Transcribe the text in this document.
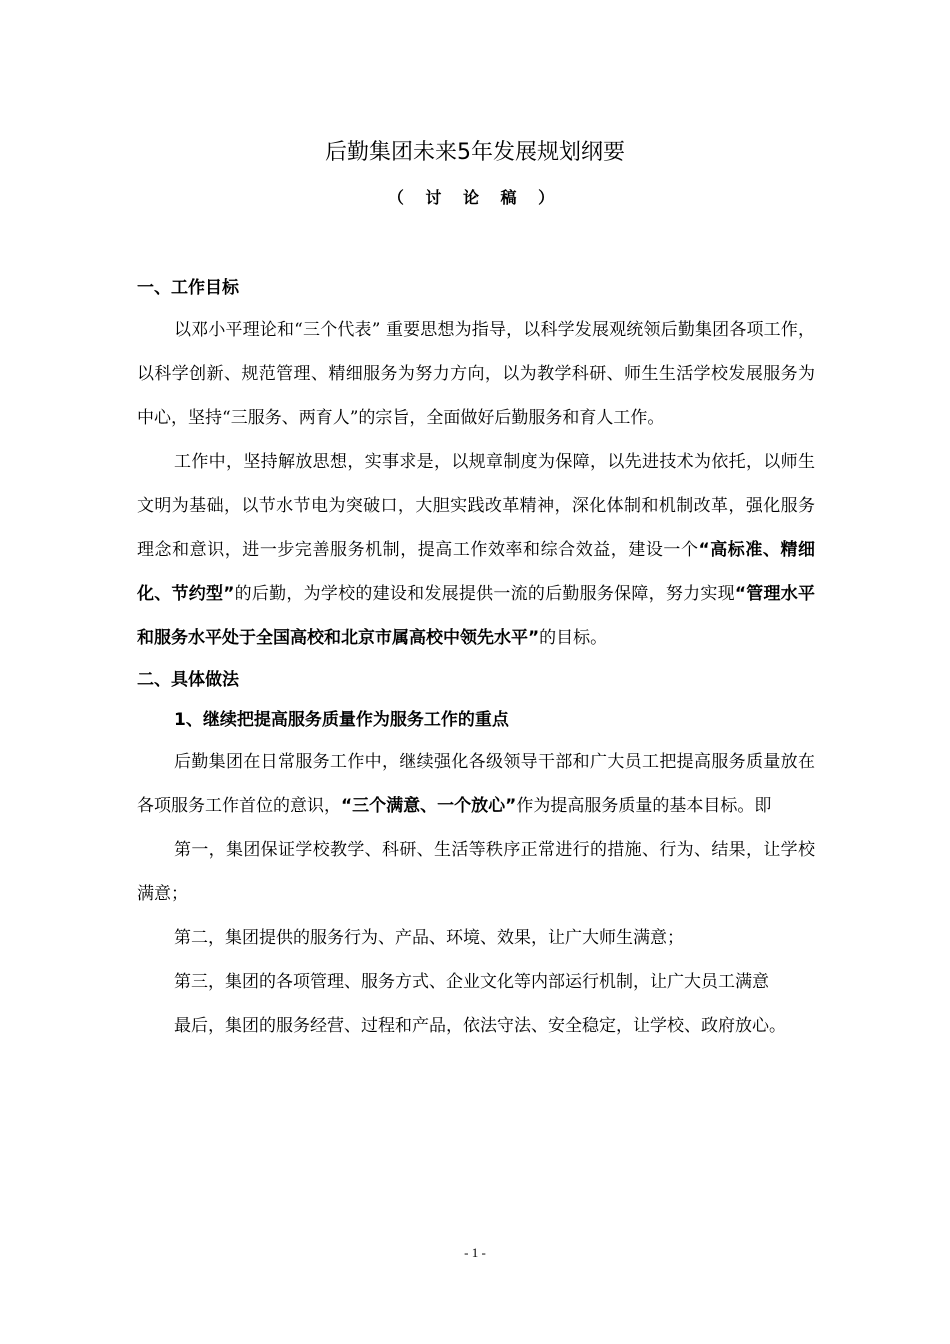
后勤集团未来5年发展规划纲要
（ 讨 论 稿 ）
一、工作目标

以邓小平理论和“三个代表” 重要思想为指导，以科学发展观统领后勤集团各项工作，以科学创新、规范管理、精细服务为努力方向，以为教学科研、师生生活学校发展服务为中心，坚持“三服务、两育人”的宗旨，全面做好后勤服务和育人工作。

工作中，坚持解放思想，实事求是，以规章制度为保障，以先进技术为依托，以师生文明为基础，以节水节电为突破口，大胆实践改革精神，深化体制和机制改革，强化服务理念和意识，进一步完善服务机制，提高工作效率和综合效益，建设一个“高标准、精细化、节约型”的后勤，为学校的建设和发展提供一流的后勤服务保障，努力实现“管理水平和服务水平处于全国高校和北京市属高校中领先水平”的目标。

二、具体做法
1、继续把提高服务质量作为服务工作的重点

后勤集团在日常服务工作中，继续强化各级领导干部和广大员工把提高服务质量放在各项服务工作首位的意识，“三个满意、一个放心”作为提高服务质量的基本目标。即

第一，集团保证学校教学、科研、生活等秩序正常进行的措施、行为、结果，让学校满意；

第二，集团提供的服务行为、产品、环境、效果，让广大师生满意；

第三，集团的各项管理、服务方式、企业文化等内部运行机制，让广大员工满意

最后，集团的服务经营、过程和产品，依法守法、安全稳定，让学校、政府放心。

- 1 -
